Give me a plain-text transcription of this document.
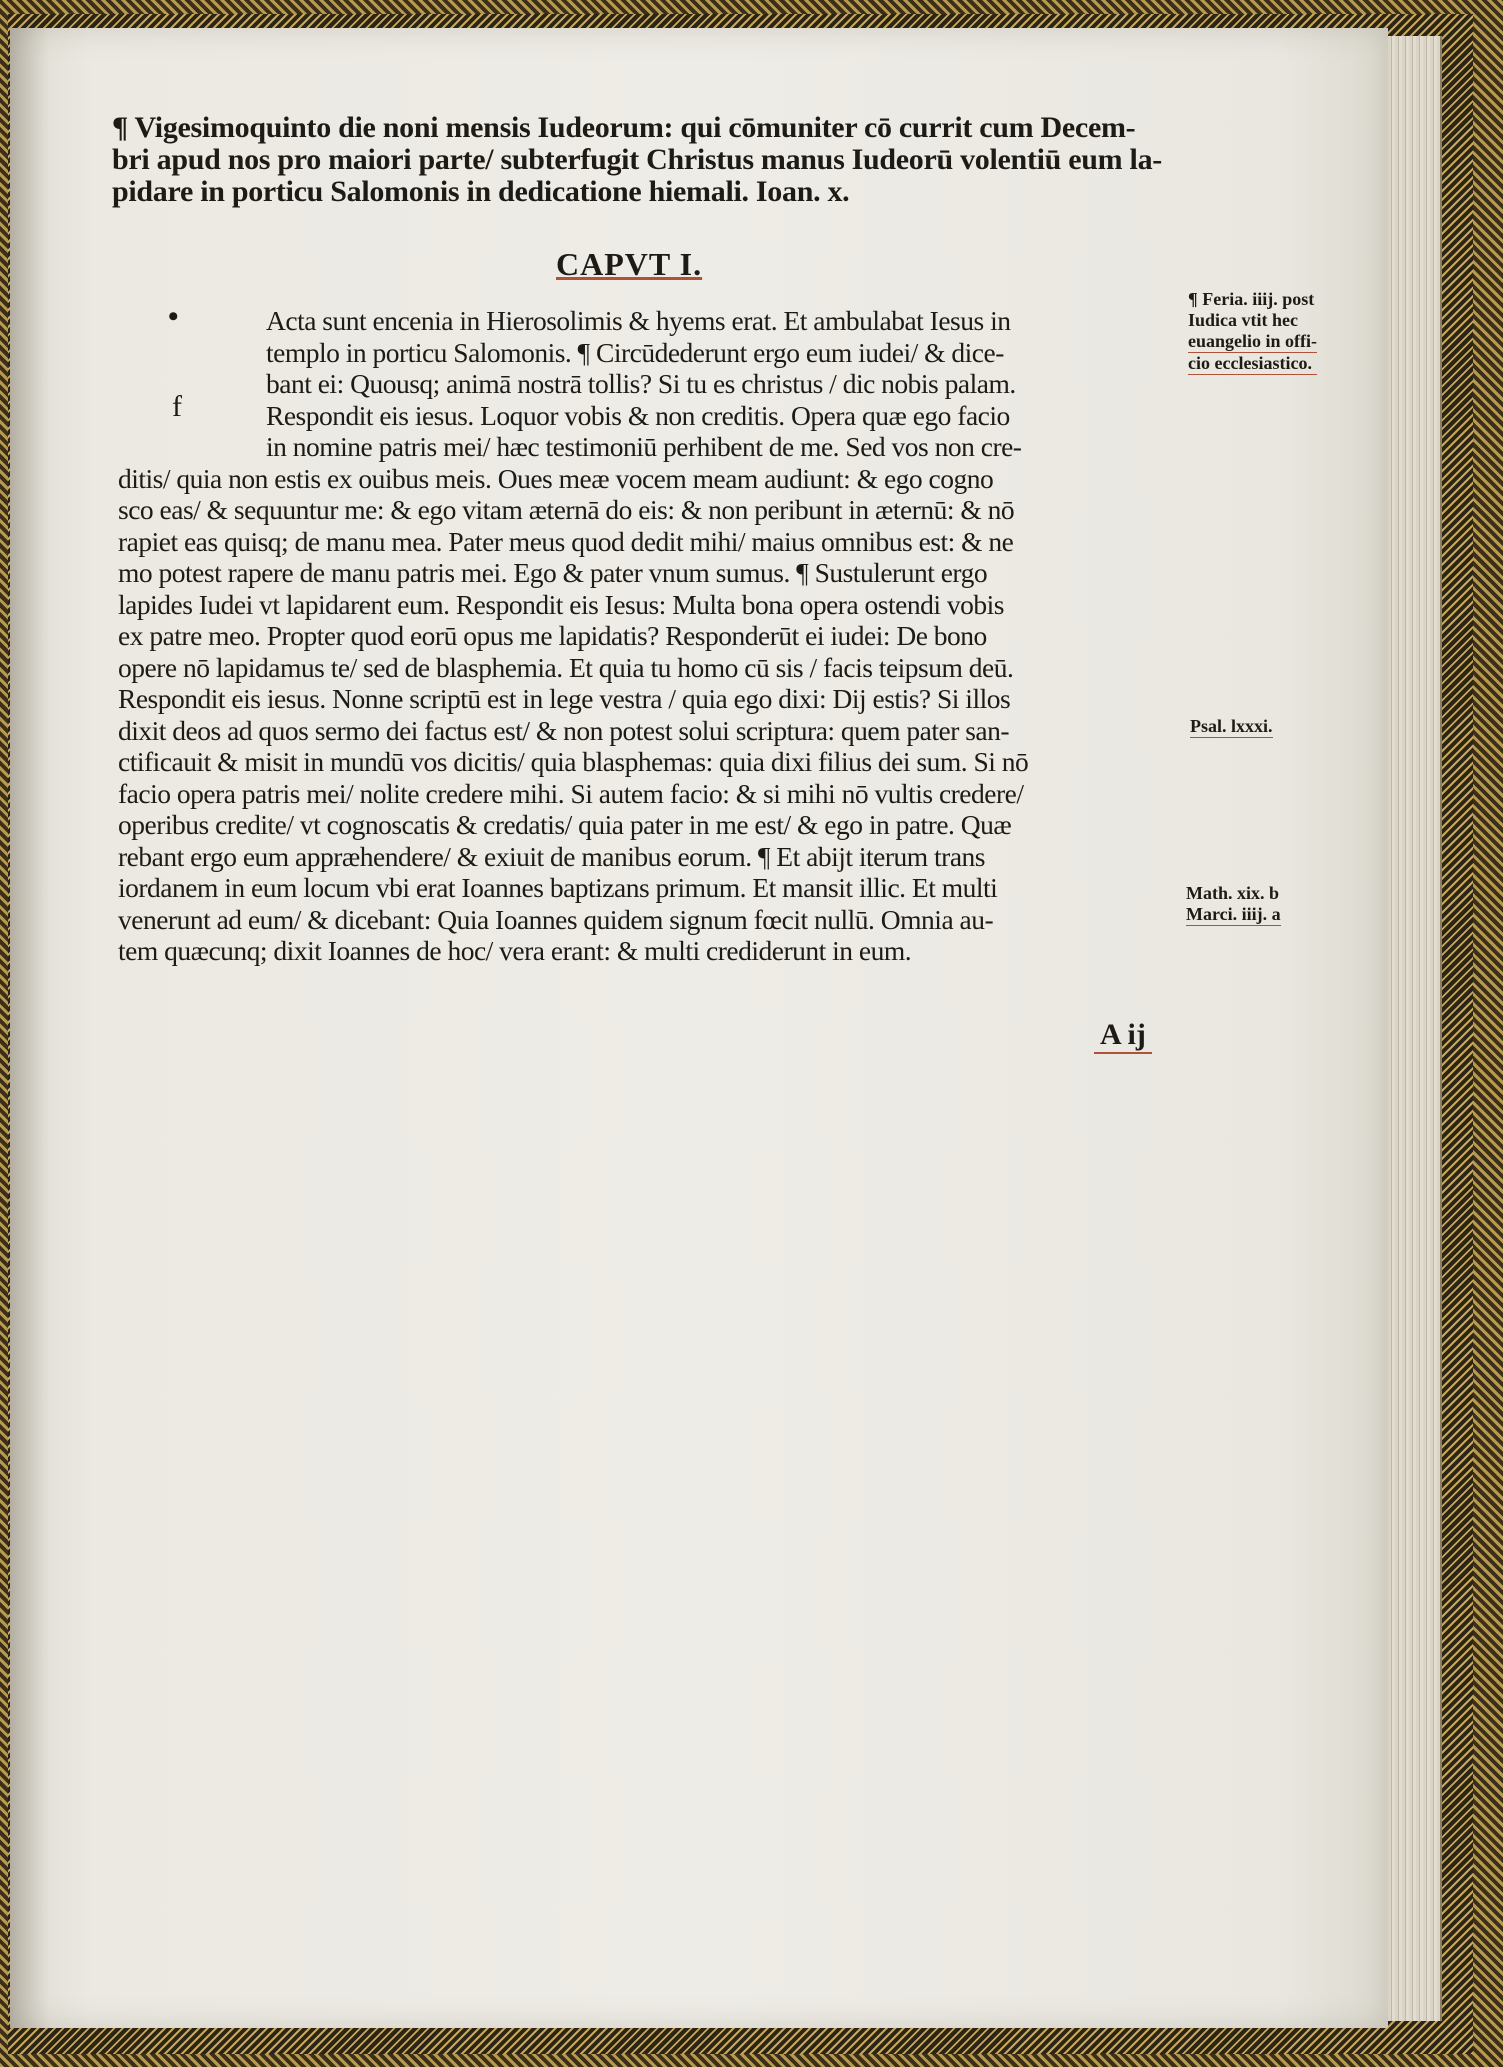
¶ Vigesimoquinto die noni mensis Iudeorum: qui cōmuniter cō currit cum Decem-
bri apud nos pro maiori parte/ subterfugit Christus manus Iudeorū volentiū eum la-
pidare in porticu Salomonis in dedicatione hiemali. Ioan. x.
CAPVT I.
•
f
Acta sunt encenia in Hierosolimis & hyems erat. Et ambulabat Iesus in
templo in porticu Salomonis. ¶ Circūdederunt ergo eum iudei/ & dice-
bant ei: Quousq; animā nostrā tollis? Si tu es christus / dic nobis palam.
Respondit eis iesus. Loquor vobis & non creditis. Opera quæ ego facio
in nomine patris mei/ hæc testimoniū perhibent de me. Sed vos non cre-
ditis/ quia non estis ex ouibus meis. Oues meæ vocem meam audiunt: & ego cogno
sco eas/ & sequuntur me: & ego vitam æternā do eis: & non peribunt in æternū: & nō
rapiet eas quisq; de manu mea. Pater meus quod dedit mihi/ maius omnibus est: & ne
mo potest rapere de manu patris mei. Ego & pater vnum sumus. ¶ Sustulerunt ergo
lapides Iudei vt lapidarent eum. Respondit eis Iesus: Multa bona opera ostendi vobis
ex patre meo. Propter quod eorū opus me lapidatis? Responderūt ei iudei: De bono
opere nō lapidamus te/ sed de blasphemia. Et quia tu homo cū sis / facis teipsum deū.
Respondit eis iesus. Nonne scriptū est in lege vestra / quia ego dixi: Dij estis? Si illos
dixit deos ad quos sermo dei factus est/ & non potest solui scriptura: quem pater san-
ctificauit & misit in mundū vos dicitis/ quia blasphemas: quia dixi filius dei sum. Si nō
facio opera patris mei/ nolite credere mihi. Si autem facio: & si mihi nō vultis credere/
operibus credite/ vt cognoscatis & credatis/ quia pater in me est/ & ego in patre. Quæ
rebant ergo eum appræhendere/ & exiuit de manibus eorum. ¶ Et abijt iterum trans
iordanem in eum locum vbi erat Ioannes baptizans primum. Et mansit illic. Et multi
venerunt ad eum/ & dicebant: Quia Ioannes quidem signum fœcit nullū. Omnia au-
tem quæcunq; dixit Ioannes de hoc/ vera erant: & multi crediderunt in eum.
¶ Feria. iiij. post
Iudica vtit hec
euangelio in offi-
cio ecclesiastico.
Psal. lxxxi.
Math. xix. b
Marci. iiij. a
A ij
